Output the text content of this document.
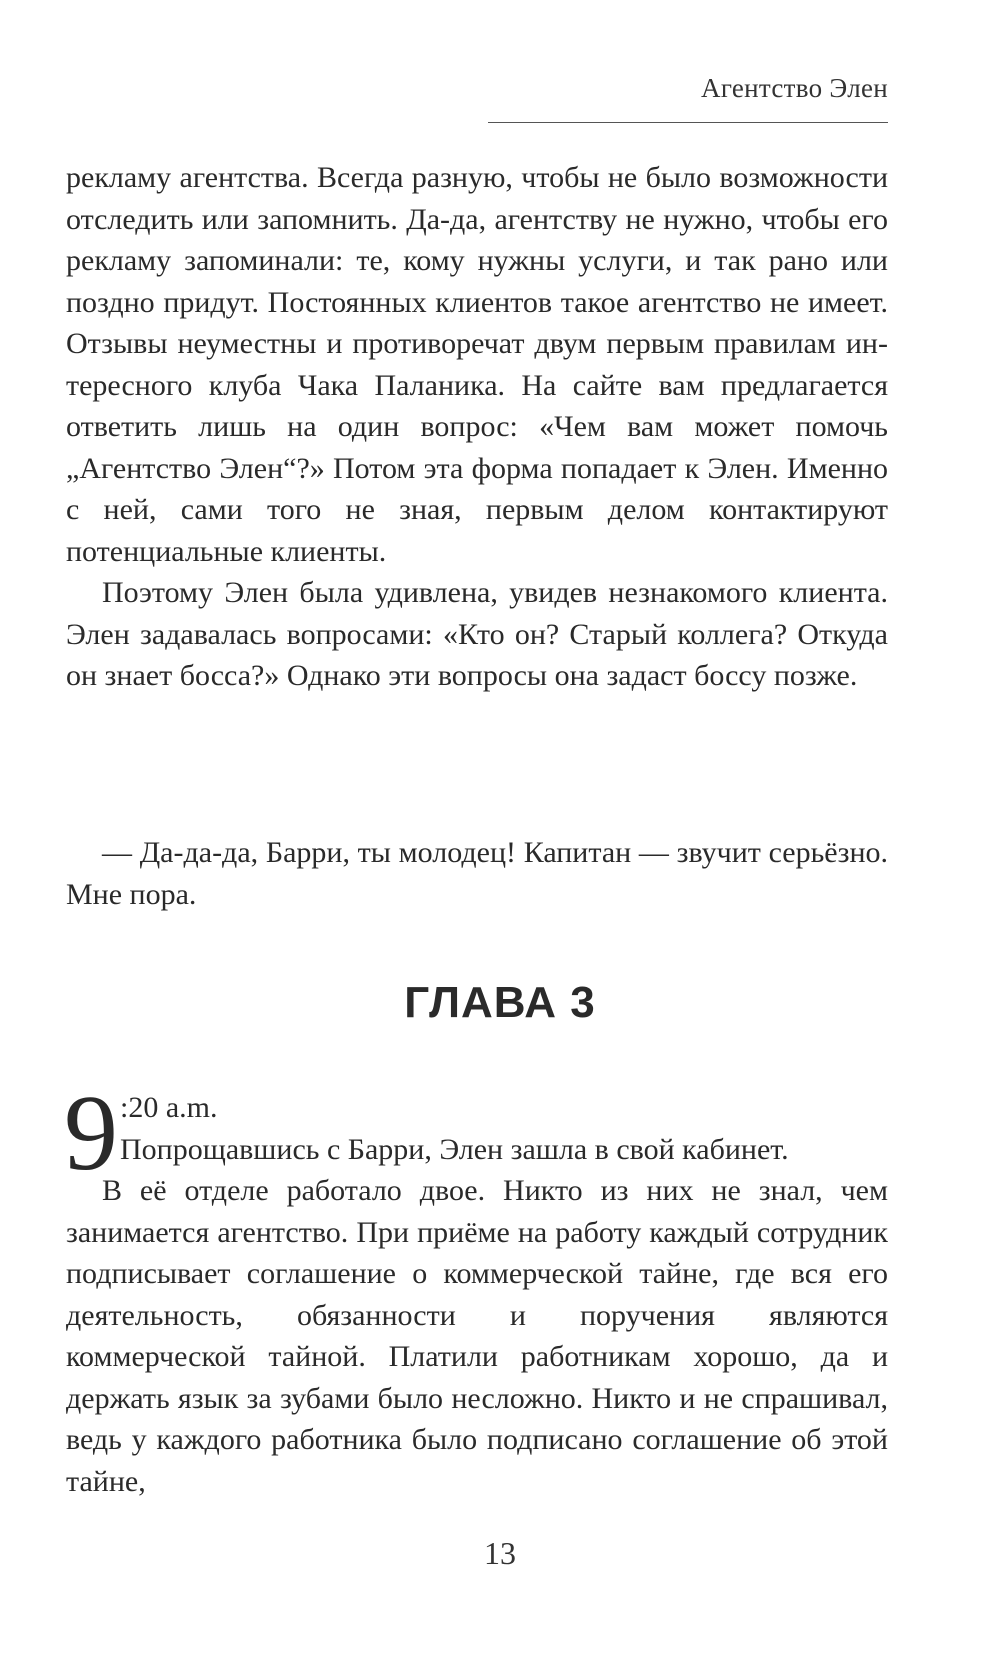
Агентство Элен

рекламу агентства. Всегда разную, чтобы не было возможности отследить или запомнить. Да-да, агентству не нужно, чтобы его рекламу запоминали: те, кому нужны услуги, и так рано или поздно придут. Постоянных клиентов такое агентство не имеет. Отзывы неуместны и противоречат двум первым правилам интересного клуба Чака Паланика. На сайте вам предлагается ответить лишь на один вопрос: «Чем вам может помочь „Агентство Элен“?» Потом эта форма попадает к Элен. Именно с ней, сами того не зная, первым делом контактируют потенциальные клиенты.

Поэтому Элен была удивлена, увидев незнакомого клиента. Элен задавалась вопросами: «Кто он? Старый коллега? Откуда он знает босса?» Однако эти вопросы она задаст боссу позже.

— Да-да-да, Барри, ты молодец! Капитан — звучит серьёзно. Мне пора.

ГЛАВА 3
9 :20 a.m.
Попрощавшись с Барри, Элен зашла в свой кабинет.

В её отделе работало двое. Никто из них не знал, чем занимается агентство. При приёме на работу каждый сотрудник подписывает соглашение о коммерческой тайне, где вся его деятельность, обязанности и поручения являются коммерческой тайной. Платили работникам хорошо, да и держать язык за зубами было несложно. Никто и не спрашивал, ведь у каждого работника было подписано соглашение об этой тайне,

13
